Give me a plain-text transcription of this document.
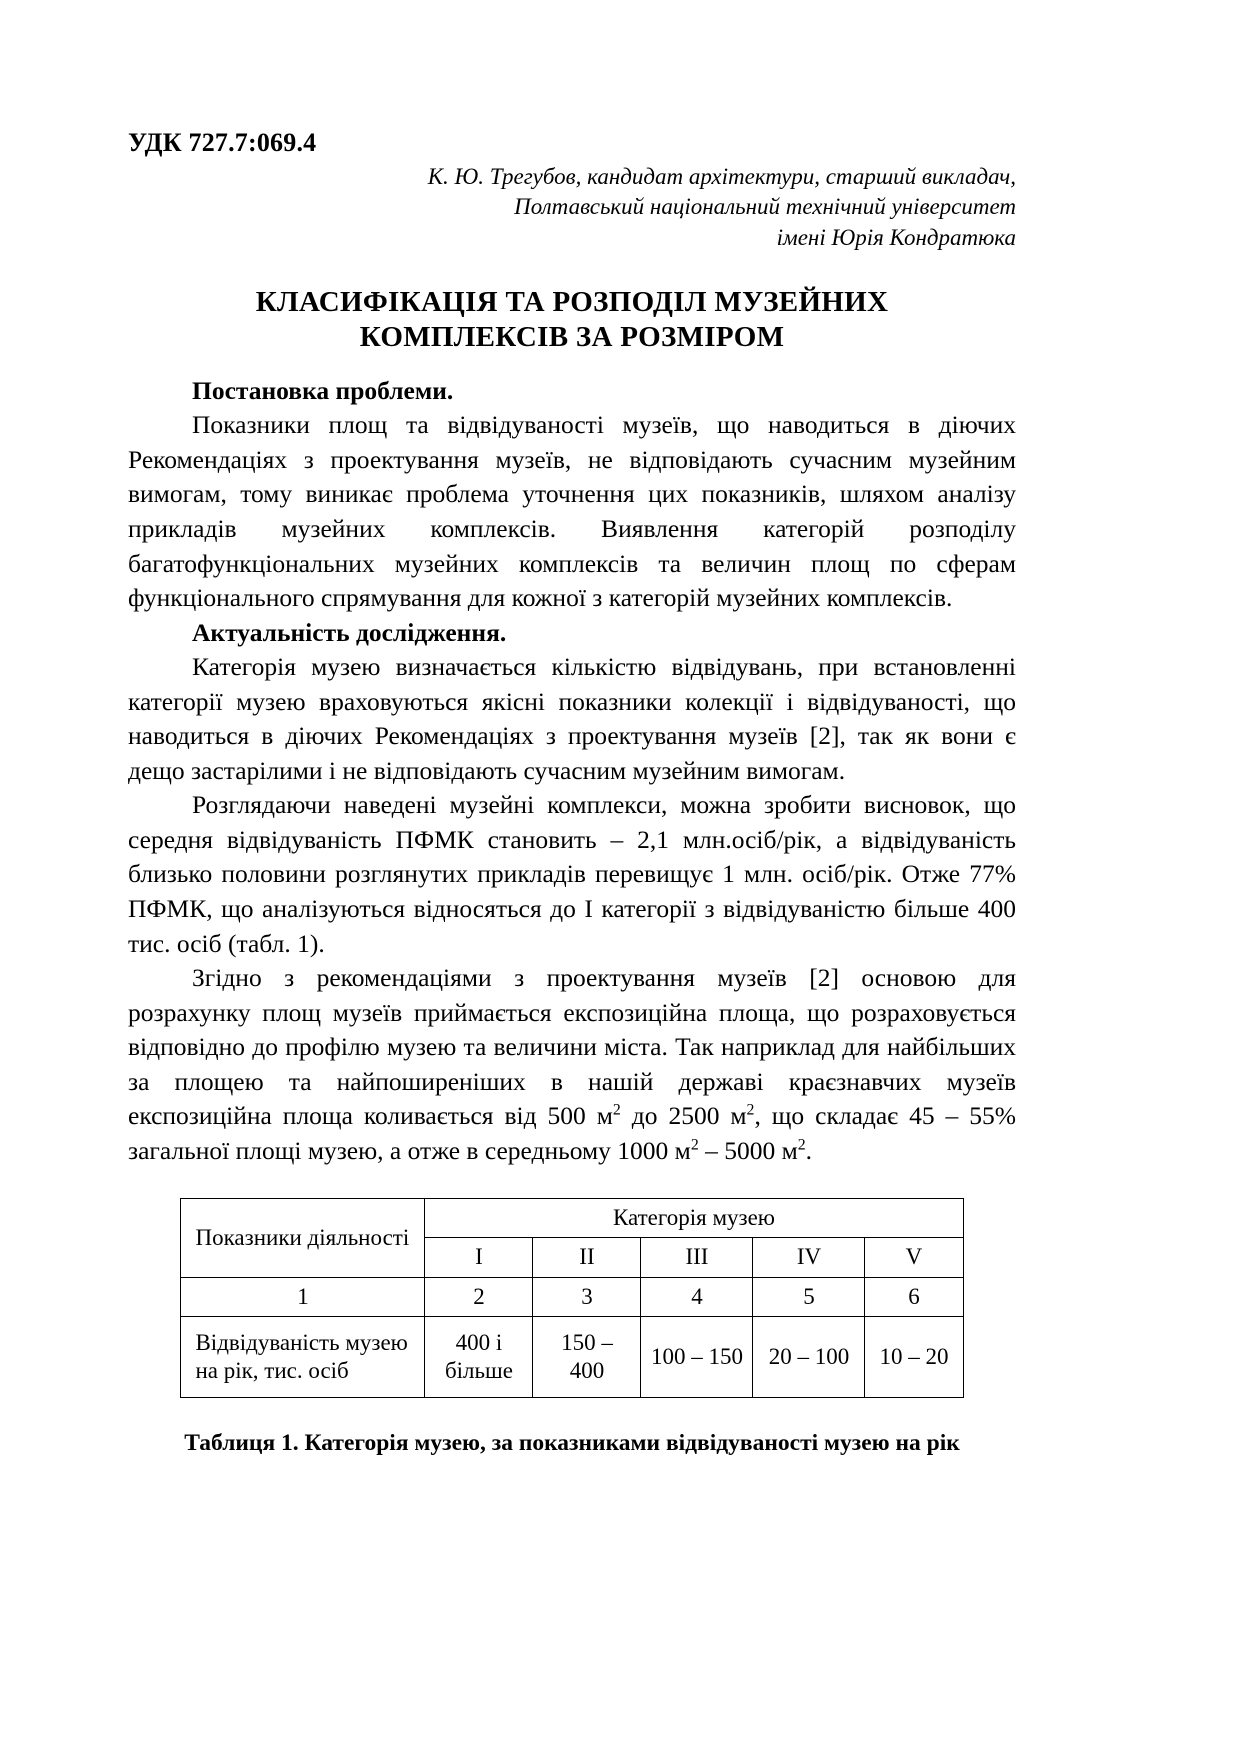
УДК 727.7:069.4
К. Ю. Трегубов, кандидат архітектури, старший викладач,
Полтавський національний технічний університет
імені Юрія Кондратюка
КЛАСИФІКАЦІЯ ТА РОЗПОДІЛ МУЗЕЙНИХ
КОМПЛЕКСІВ ЗА РОЗМІРОМ

Постановка проблеми.

Показники площ та відвідуваності музеїв, що наводиться в діючих Рекомендаціях з проектування музеїв, не відповідають сучасним музейним вимогам, тому виникає проблема уточнення цих показників, шляхом аналізу прикладів музейних комплексів. Виявлення категорій розподілу багатофункціональних музейних комплексів та величин площ по сферам функціонального спрямування для кожної з категорій музейних комплексів.

Актуальність дослідження.

Категорія музею визначається кількістю відвідувань, при встановленні категорії музею враховуються якісні показники колекції і відвідуваності, що наводиться в діючих Рекомендаціях з проектування музеїв [2], так як вони є дещо застарілими і не відповідають сучасним музейним вимогам.

Розглядаючи наведені музейні комплекси, можна зробити висновок, що середня відвідуваність ПФМК становить – 2,1 млн.осіб/рік, а відвідуваність близько половини розглянутих прикладів перевищує 1 млн. осіб/рік. Отже 77% ПФМК, що аналізуються відносяться до I категорії з відвідуваністю більше 400 тис. осіб (табл. 1).

Згідно з рекомендаціями з проектування музеїв [2] основою для розрахунку площ музеїв приймається експозиційна площа, що розраховується відповідно до профілю музею та величини міста. Так наприклад для найбільших за площею та найпоширеніших в нашій державі краєзнавчих музеїв експозиційна площа коливається від 500 $м^2$ до 2500 $м^2$, що складає 45 – 55% загальної площі музею, а отже в середньому 1000 $м^2 - 5000$ $м^2$.

Показники діяльності	Категорія музею				
	I	II	III	IV	V
1	2	3	4	5	6
Відвідуваність музею на рік, тис. осіб	400 і більше	150 – 400	100 – 150	20 – 100	10 – 20
Таблиця 1. Категорія музею, за показниками відвідуваності музею на рік
